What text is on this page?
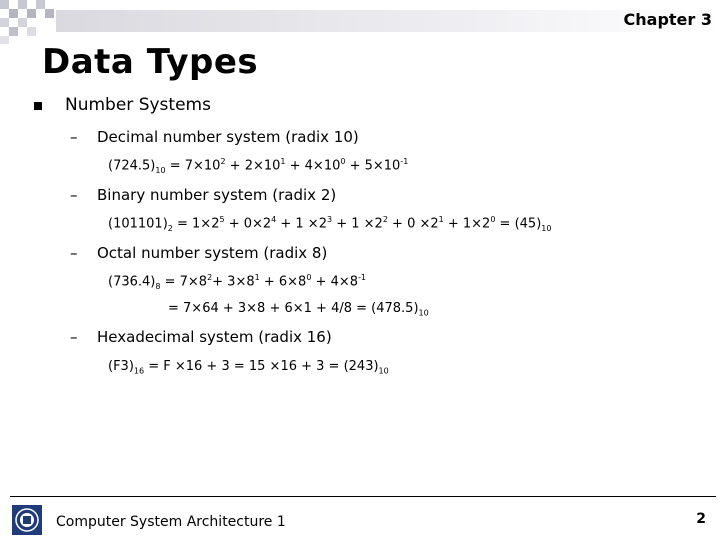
Chapter 3
Data Types
Number Systems
– Decimal number system (radix 10)
$(724.5)_{10} = 7\times 10^2 + 2\times 10^1 + 4\times 10^0 + 5\times 10^{-1}$
– Binary number system (radix 2)
$(101101)_2 = 1\times 2^5 + 0\times 2^4 + 1 \times 2^3 + 1 \times 2^2 + 0 \times 2^1 + 1\times 2^0 = (45)_{10}$
– Octal number system (radix 8)
$(736.4)_8 = 7\times 8^2+ 3\times 8^1 + 6\times 8^0 + 4\times 8^{-1}$
= $7\times 64 + 3\times 8 + 6\times 1 + 4/8 = (478.5)_{10}$
– Hexadecimal system (radix 16)
$(F3)_{16} = F \times 16 + 3 = 15 \times 16 + 3 = (243)_{10}$
Computer System Architecture 1	2
